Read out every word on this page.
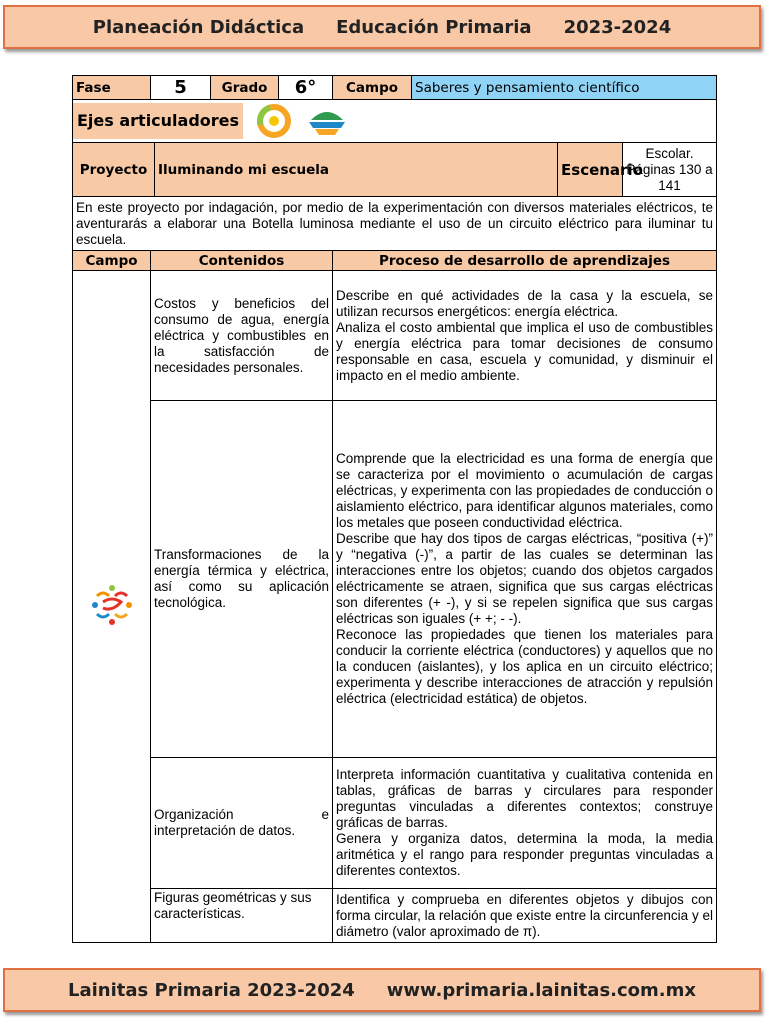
Planeación Didáctica Educación Primaria 2023-2024
Fase	5		Grado	6°	Campo	Saberes y pensamiento científico		

Ejes articuladores								

Proyecto		Iluminando mi escuela					Escenario	Escolar. Páginas 130 a 141
En este proyecto por indagación, por medio de la experimentación con diversos materiales eléctricos, te aventurarás a elaborar una Botella luminosa mediante el uso de un circuito eléctrico para iluminar tu escuela.								
Campo	Contenidos				Proceso de desarrollo de aprendizajes			
	Costos y beneficios del consumo de agua, energía eléctrica y combustibles en la satisfacción de necesidades personales.				Describe en qué actividades de la casa y la escuela, se utilizan recursos energéticos: energía eléctrica.

Analiza el costo ambiental que implica el uso de combustibles y energía eléctrica para tomar decisiones de consumo responsable en casa, escuela y comunidad, y disminuir el impacto en el medio ambiente.			

	Transformaciones de la energía térmica y eléctrica, así como su aplicación tecnológica.				Comprende que la electricidad es una forma de energía que se caracteriza por el movimiento o acumulación de cargas eléctricas, y experimenta con las propiedades de conducción o aislamiento eléctrico, para identificar algunos materiales, como los metales que poseen conductividad eléctrica.

Describe que hay dos tipos de cargas eléctricas, “positiva (+)” y “negativa (-)”, a partir de las cuales se determinan las interacciones entre los objetos; cuando dos objetos cargados eléctricamente se atraen, significa que sus cargas eléctricas son diferentes (+ -), y si se repelen significa que sus cargas eléctricas son iguales (+ +; - -).

Reconoce las propiedades que tienen los materiales para conducir la corriente eléctrica (conductores) y aquellos que no la conducen (aislantes), y los aplica en un circuito eléctrico; experimenta y describe interacciones de atracción y repulsión eléctrica (electricidad estática) de objetos.			

	Organización e interpretación de datos.				Interpreta información cuantitativa y cualitativa contenida en tablas, gráficas de barras y circulares para responder preguntas vinculadas a diferentes contextos; construye gráficas de barras.

Genera y organiza datos, determina la moda, la media aritmética y el rango para responder preguntas vinculadas a diferentes contextos.			

	Figuras geométricas y sus características.				Identifica y comprueba en diferentes objetos y dibujos con forma circular, la relación que existe entre la circunferencia y el diámetro (valor aproximado de π).			

Lainitas Primaria 2023-2024 www.primaria.lainitas.com.mx
